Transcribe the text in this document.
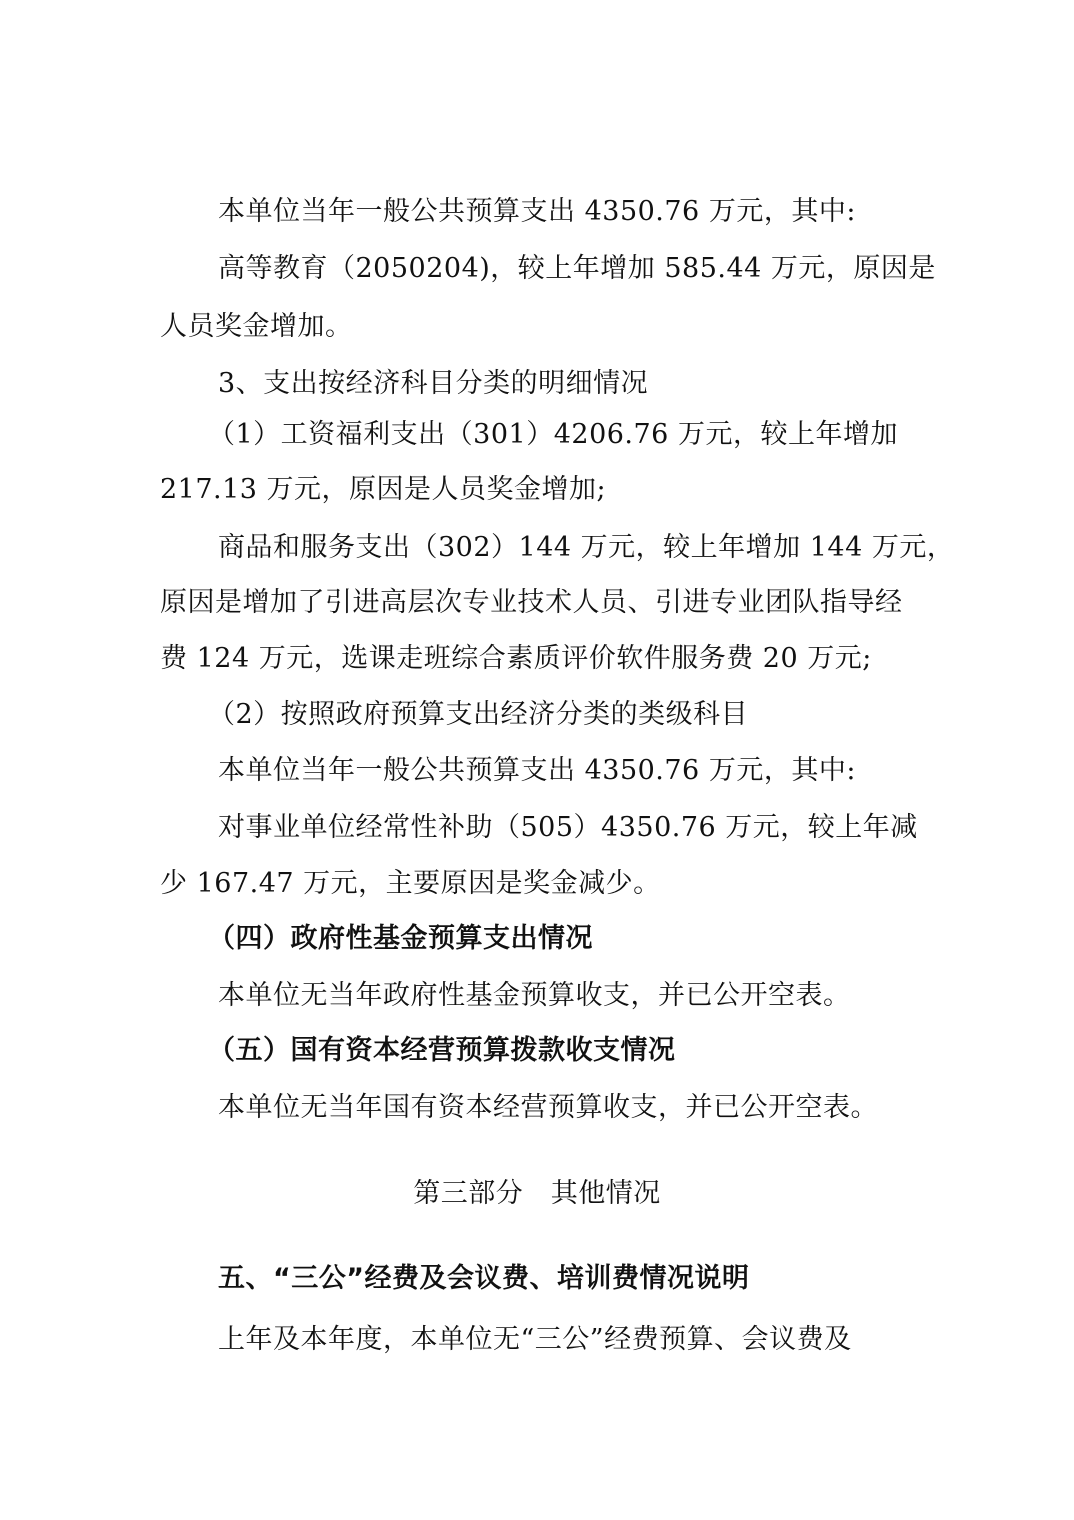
本单位当年一般公共预算支出 4350.76 万元，其中:
高等教育（2050204)，较上年增加 585.44 万元，原因是
人员奖金增加。
3、支出按经济科目分类的明细情况
（1）工资福利支出（301）4206.76 万元，较上年增加
217.13 万元，原因是人员奖金增加;
商品和服务支出（302）144 万元，较上年增加 144 万元，
原因是增加了引进高层次专业技术人员、引进专业团队指导经
费 124 万元，选课走班综合素质评价软件服务费 20 万元;
（2）按照政府预算支出经济分类的类级科目
本单位当年一般公共预算支出 4350.76 万元，其中:
对事业单位经常性补助（505）4350.76 万元，较上年减
少 167.47 万元，主要原因是奖金减少。
（四）政府性基金预算支出情况
本单位无当年政府性基金预算收支，并已公开空表。
（五）国有资本经营预算拨款收支情况
本单位无当年国有资本经营预算收支，并已公开空表。
第三部分　其他情况
五、“三公”经费及会议费、培训费情况说明
上年及本年度，本单位无“三公”经费预算、会议费及
